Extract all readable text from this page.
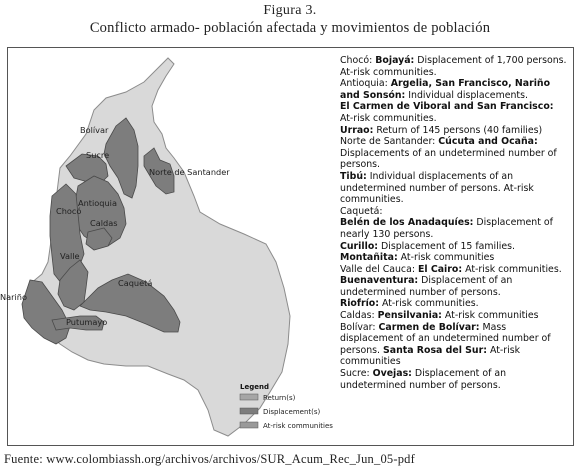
Figura 3.
Conflicto armado- población afectada y movimientos de población
Bolívar
Sucre
Norte de Santander
Antioquia
Chocó
Caldas
Valle
Nariño
Caquetá
Putumayo
Legend
Return(s)
Displacement(s)
At-risk communities

Chocó: Bojayá: Displacement of 1,700 persons. At-risk communities.

Antioquia: Argelia, San Francisco, Nariño and Sonsón: Individual displacements.

El Carmen de Viboral and San Francisco: At-risk communities.

Urrao: Return of 145 persons (40 families)

Norte de Santander: Cúcuta and Ocaña: Displacements of an undetermined number of persons.

Tibú: Individual displacements of an undetermined number of persons. At-risk communities.

Caquetá:

Belén de los Anadaquíes: Displacement of nearly 130 persons.

Curillo: Displacement of 15 families.

Montañita: At-risk communities

Valle del Cauca: El Cairo: At-risk communities.

Buenaventura: Displacement of an undetermined number of persons.

Riofrío: At-risk communities.

Caldas: Pensilvania: At-risk communities

Bolívar: Carmen de Bolívar: Mass displacement of an undetermined number of persons. Santa Rosa del Sur: At-risk communities

Sucre: Ovejas: Displacement of an undetermined number of persons.

Fuente: www.colombiassh.org/archivos/archivos/SUR_Acum_Rec_Jun_05-pdf
